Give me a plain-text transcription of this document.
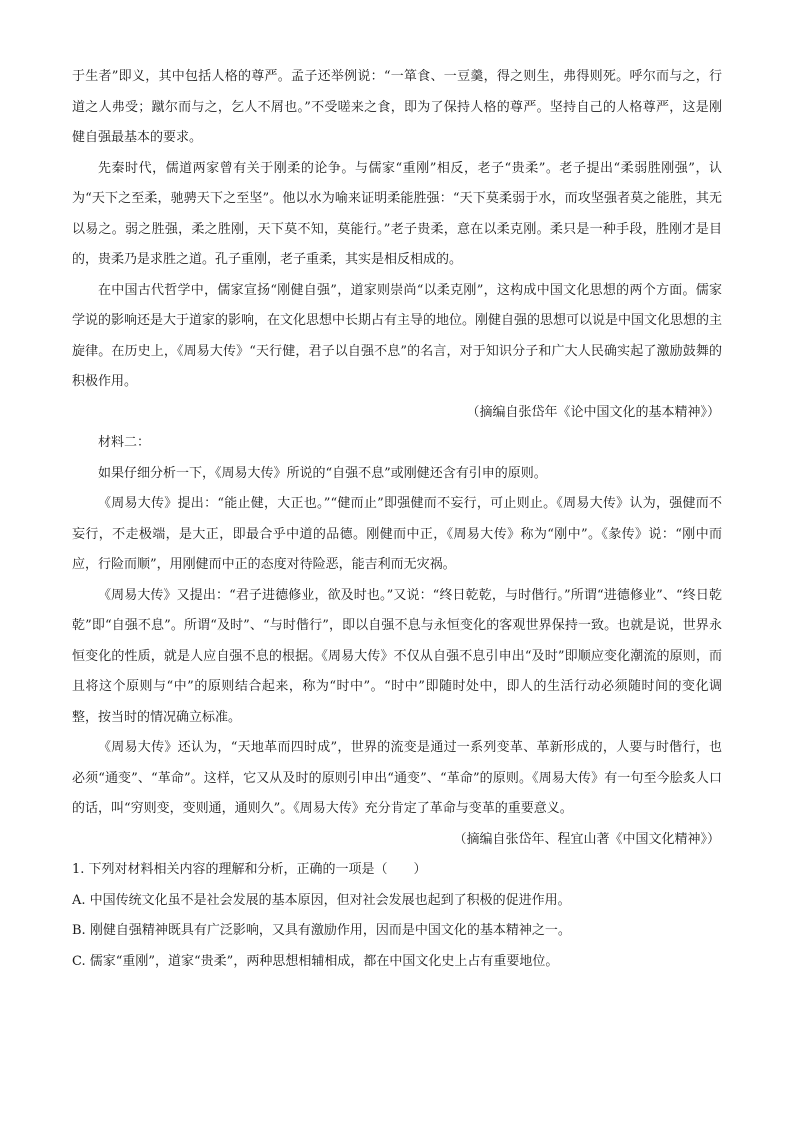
于生者”即义，其中包括人格的尊严。孟子还举例说：“一箪食、一豆羹，得之则生，弗得则死。呼尔而与之，行道之人弗受；蹴尔而与之，乞人不屑也。”不受嗟来之食，即为了保持人格的尊严。坚持自己的人格尊严，这是刚健自强最基本的要求。

先秦时代，儒道两家曾有关于刚柔的论争。与儒家“重刚”相反，老子“贵柔”。老子提出“柔弱胜刚强”，认为“天下之至柔，驰骋天下之至坚”。他以水为喻来证明柔能胜强：“天下莫柔弱于水，而攻坚强者莫之能胜，其无以易之。弱之胜强，柔之胜刚，天下莫不知，莫能行。”老子贵柔，意在以柔克刚。柔只是一种手段，胜刚才是目的，贵柔乃是求胜之道。孔子重刚，老子重柔，其实是相反相成的。

在中国古代哲学中，儒家宣扬“刚健自强”，道家则崇尚“以柔克刚”，这构成中国文化思想的两个方面。儒家学说的影响还是大于道家的影响，在文化思想中长期占有主导的地位。刚健自强的思想可以说是中国文化思想的主旋律。在历史上，《周易大传》“天行健，君子以自强不息”的名言，对于知识分子和广大人民确实起了激励鼓舞的积极作用。

（摘编自张岱年《论中国文化的基本精神》）

材料二：

如果仔细分析一下，《周易大传》所说的“自强不息”或刚健还含有引申的原则。

《周易大传》提出：“能止健，大正也。”“健而止”即强健而不妄行，可止则止。《周易大传》认为，强健而不妄行，不走极端，是大正，即最合乎中道的品德。刚健而中正，《周易大传》称为“刚中”。《彖传》说：“刚中而应，行险而顺”，用刚健而中正的态度对待险恶，能吉利而无灾祸。

《周易大传》又提出：“君子进德修业，欲及时也。”又说：“终日乾乾，与时偕行。”所谓“进德修业”、“终日乾乾”即“自强不息”。所谓“及时”、“与时偕行”，即以自强不息与永恒变化的客观世界保持一致。也就是说，世界永恒变化的性质，就是人应自强不息的根据。《周易大传》不仅从自强不息引申出“及时”即顺应变化潮流的原则，而且将这个原则与“中”的原则结合起来，称为“时中”。“时中”即随时处中，即人的生活行动必须随时间的变化调整，按当时的情况确立标准。

《周易大传》还认为，“天地革而四时成”，世界的流变是通过一系列变革、革新形成的，人要与时偕行，也必须“通变”、“革命”。这样，它又从及时的原则引申出“通变”、“革命”的原则。《周易大传》有一句至今脍炙人口的话，叫“穷则变，变则通，通则久”。《周易大传》充分肯定了革命与变革的重要意义。

（摘编自张岱年、程宜山著《中国文化精神》）

1. 下列对材料相关内容的理解和分析，正确的一项是（　　）

A. 中国传统文化虽不是社会发展的基本原因，但对社会发展也起到了积极的促进作用。

B. 刚健自强精神既具有广泛影响，又具有激励作用，因而是中国文化的基本精神之一。

C. 儒家“重刚”，道家“贵柔”，两种思想相辅相成，都在中国文化史上占有重要地位。
